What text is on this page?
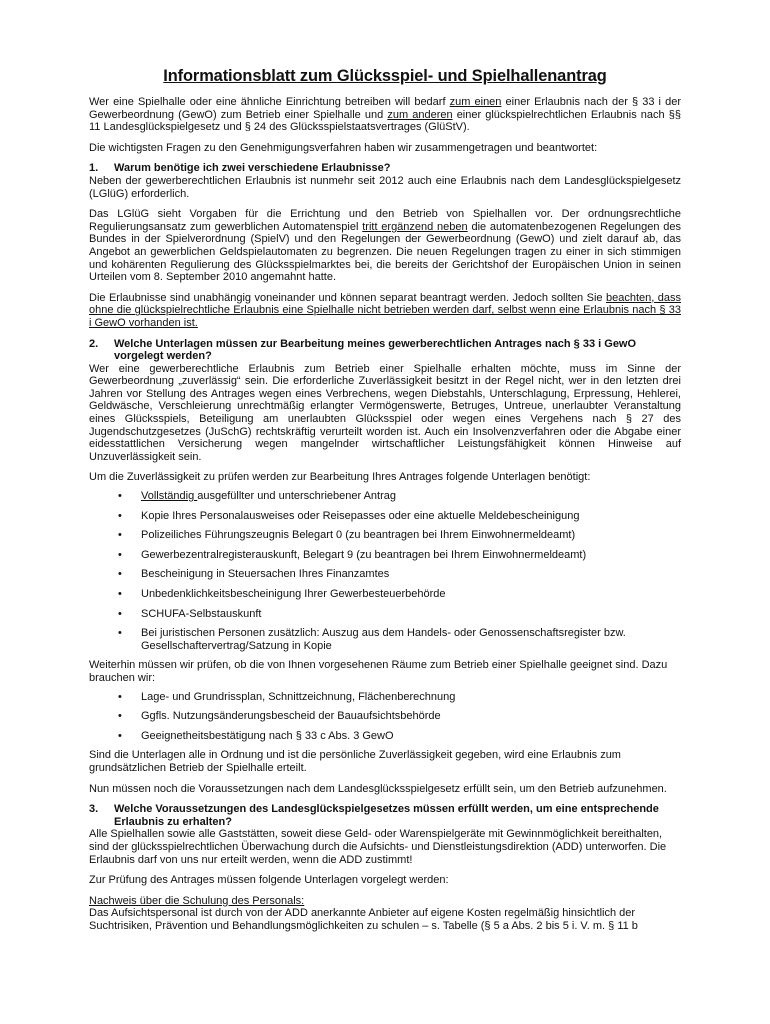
Informationsblatt zum Glücksspiel- und Spielhallenantrag

Wer eine Spielhalle oder eine ähnliche Einrichtung betreiben will bedarf zum einen einer Erlaubnis nach der § 33 i der Gewerbeordnung (GewO) zum Betrieb einer Spielhalle und zum anderen einer glückspielrechtlichen Erlaubnis nach §§ 11 Landesglückspielgesetz und § 24 des Glücksspielstaatsvertrages (GlüStV).

Die wichtigsten Fragen zu den Genehmigungsverfahren haben wir zusammengetragen und beantwortet:

1.	Warum benötige ich zwei verschiedene Erlaubnisse?

Neben der gewerberechtlichen Erlaubnis ist nunmehr seit 2012 auch eine Erlaubnis nach dem Landesglückspielgesetz (LGlüG) erforderlich.

Das LGlüG sieht Vorgaben für die Errichtung und den Betrieb von Spielhallen vor. Der ordnungsrechtliche Regulierungsansatz zum gewerblichen Automatenspiel tritt ergänzend neben die automatenbezogenen Regelungen des Bundes in der Spielverordnung (SpielV) und den Regelungen der Gewerbeordnung (GewO) und zielt darauf ab, das Angebot an gewerblichen Geldspielautomaten zu begrenzen. Die neuen Regelungen tragen zu einer in sich stimmigen und kohärenten Regulierung des Glücksspielmarktes bei, die bereits der Gerichtshof der Europäischen Union in seinen Urteilen vom 8. September 2010 angemahnt hatte.

Die Erlaubnisse sind unabhängig voneinander und können separat beantragt werden. Jedoch sollten Sie beachten, dass ohne die glückspielrechtliche Erlaubnis eine Spielhalle nicht betrieben werden darf, selbst wenn eine Erlaubnis nach § 33 i GewO vorhanden ist.

2.	Welche Unterlagen müssen zur Bearbeitung meines gewerberechtlichen Antrages nach § 33 i GewO vorgelegt werden?

Wer eine gewerberechtliche Erlaubnis zum Betrieb einer Spielhalle erhalten möchte, muss im Sinne der Gewerbeordnung „zuverlässig“ sein. Die erforderliche Zuverlässigkeit besitzt in der Regel nicht, wer in den letzten drei Jahren vor Stellung des Antrages wegen eines Verbrechens, wegen Diebstahls, Unterschlagung, Erpressung, Hehlerei, Geldwäsche, Verschleierung unrechtmäßig erlangter Vermögenswerte, Betruges, Untreue, unerlaubter Veranstaltung eines Glücksspiels, Beteiligung am unerlaubten Glücksspiel oder wegen eines Vergehens nach § 27 des Jugendschutzgesetzes (JuSchG) rechtskräftig verurteilt worden ist. Auch ein Insolvenzverfahren oder die Abgabe einer eidesstattlichen Versicherung wegen mangelnder wirtschaftlicher Leistungsfähigkeit können Hinweise auf Unzuverlässigkeit sein.

Um die Zuverlässigkeit zu prüfen werden zur Bearbeitung Ihres Antrages folgende Unterlagen benötigt:

•	Vollständig ausgefüllter und unterschriebener Antrag
•	Kopie Ihres Personalausweises oder Reisepasses oder eine aktuelle Meldebescheinigung
•	Polizeiliches Führungszeugnis Belegart 0 (zu beantragen bei Ihrem Einwohnermeldeamt)
•	Gewerbezentralregisterauskunft, Belegart 9 (zu beantragen bei Ihrem Einwohnermeldeamt)
•	Bescheinigung in Steuersachen Ihres Finanzamtes
•	Unbedenklichkeitsbescheinigung Ihrer Gewerbesteuerbehörde
•	SCHUFA-Selbstauskunft
•	Bei juristischen Personen zusätzlich: Auszug aus dem Handels- oder Genossenschaftsregister bzw. Gesellschaftervertrag/Satzung in Kopie

Weiterhin müssen wir prüfen, ob die von Ihnen vorgesehenen Räume zum Betrieb einer Spielhalle geeignet sind. Dazu brauchen wir:

•	Lage- und Grundrissplan, Schnittzeichnung, Flächenberechnung
•	Ggfls. Nutzungsänderungsbescheid der Bauaufsichtsbehörde
•	Geeignetheitsbestätigung nach § 33 c Abs. 3 GewO

Sind die Unterlagen alle in Ordnung und ist die persönliche Zuverlässigkeit gegeben, wird eine Erlaubnis zum grundsätzlichen Betrieb der Spielhalle erteilt.

Nun müssen noch die Voraussetzungen nach dem Landesglücksspielgesetz erfüllt sein, um den Betrieb aufzunehmen.

3.	Welche Voraussetzungen des Landesglückspielgesetzes müssen erfüllt werden, um eine entsprechende Erlaubnis zu erhalten?

Alle Spielhallen sowie alle Gaststätten, soweit diese Geld- oder Warenspielgeräte mit Gewinnmöglichkeit bereithalten, sind der glücksspielrechtlichen Überwachung durch die Aufsichts- und Dienstleistungsdirektion (ADD) unterworfen. Die Erlaubnis darf von uns nur erteilt werden, wenn die ADD zustimmt!

Zur Prüfung des Antrages müssen folgende Unterlagen vorgelegt werden:

Nachweis über die Schulung des Personals:

Das Aufsichtspersonal ist durch von der ADD anerkannte Anbieter auf eigene Kosten regelmäßig hinsichtlich der Suchtrisiken, Prävention und Behandlungsmöglichkeiten zu schulen – s. Tabelle (§ 5 a Abs. 2 bis 5 i. V. m. § 11 b
